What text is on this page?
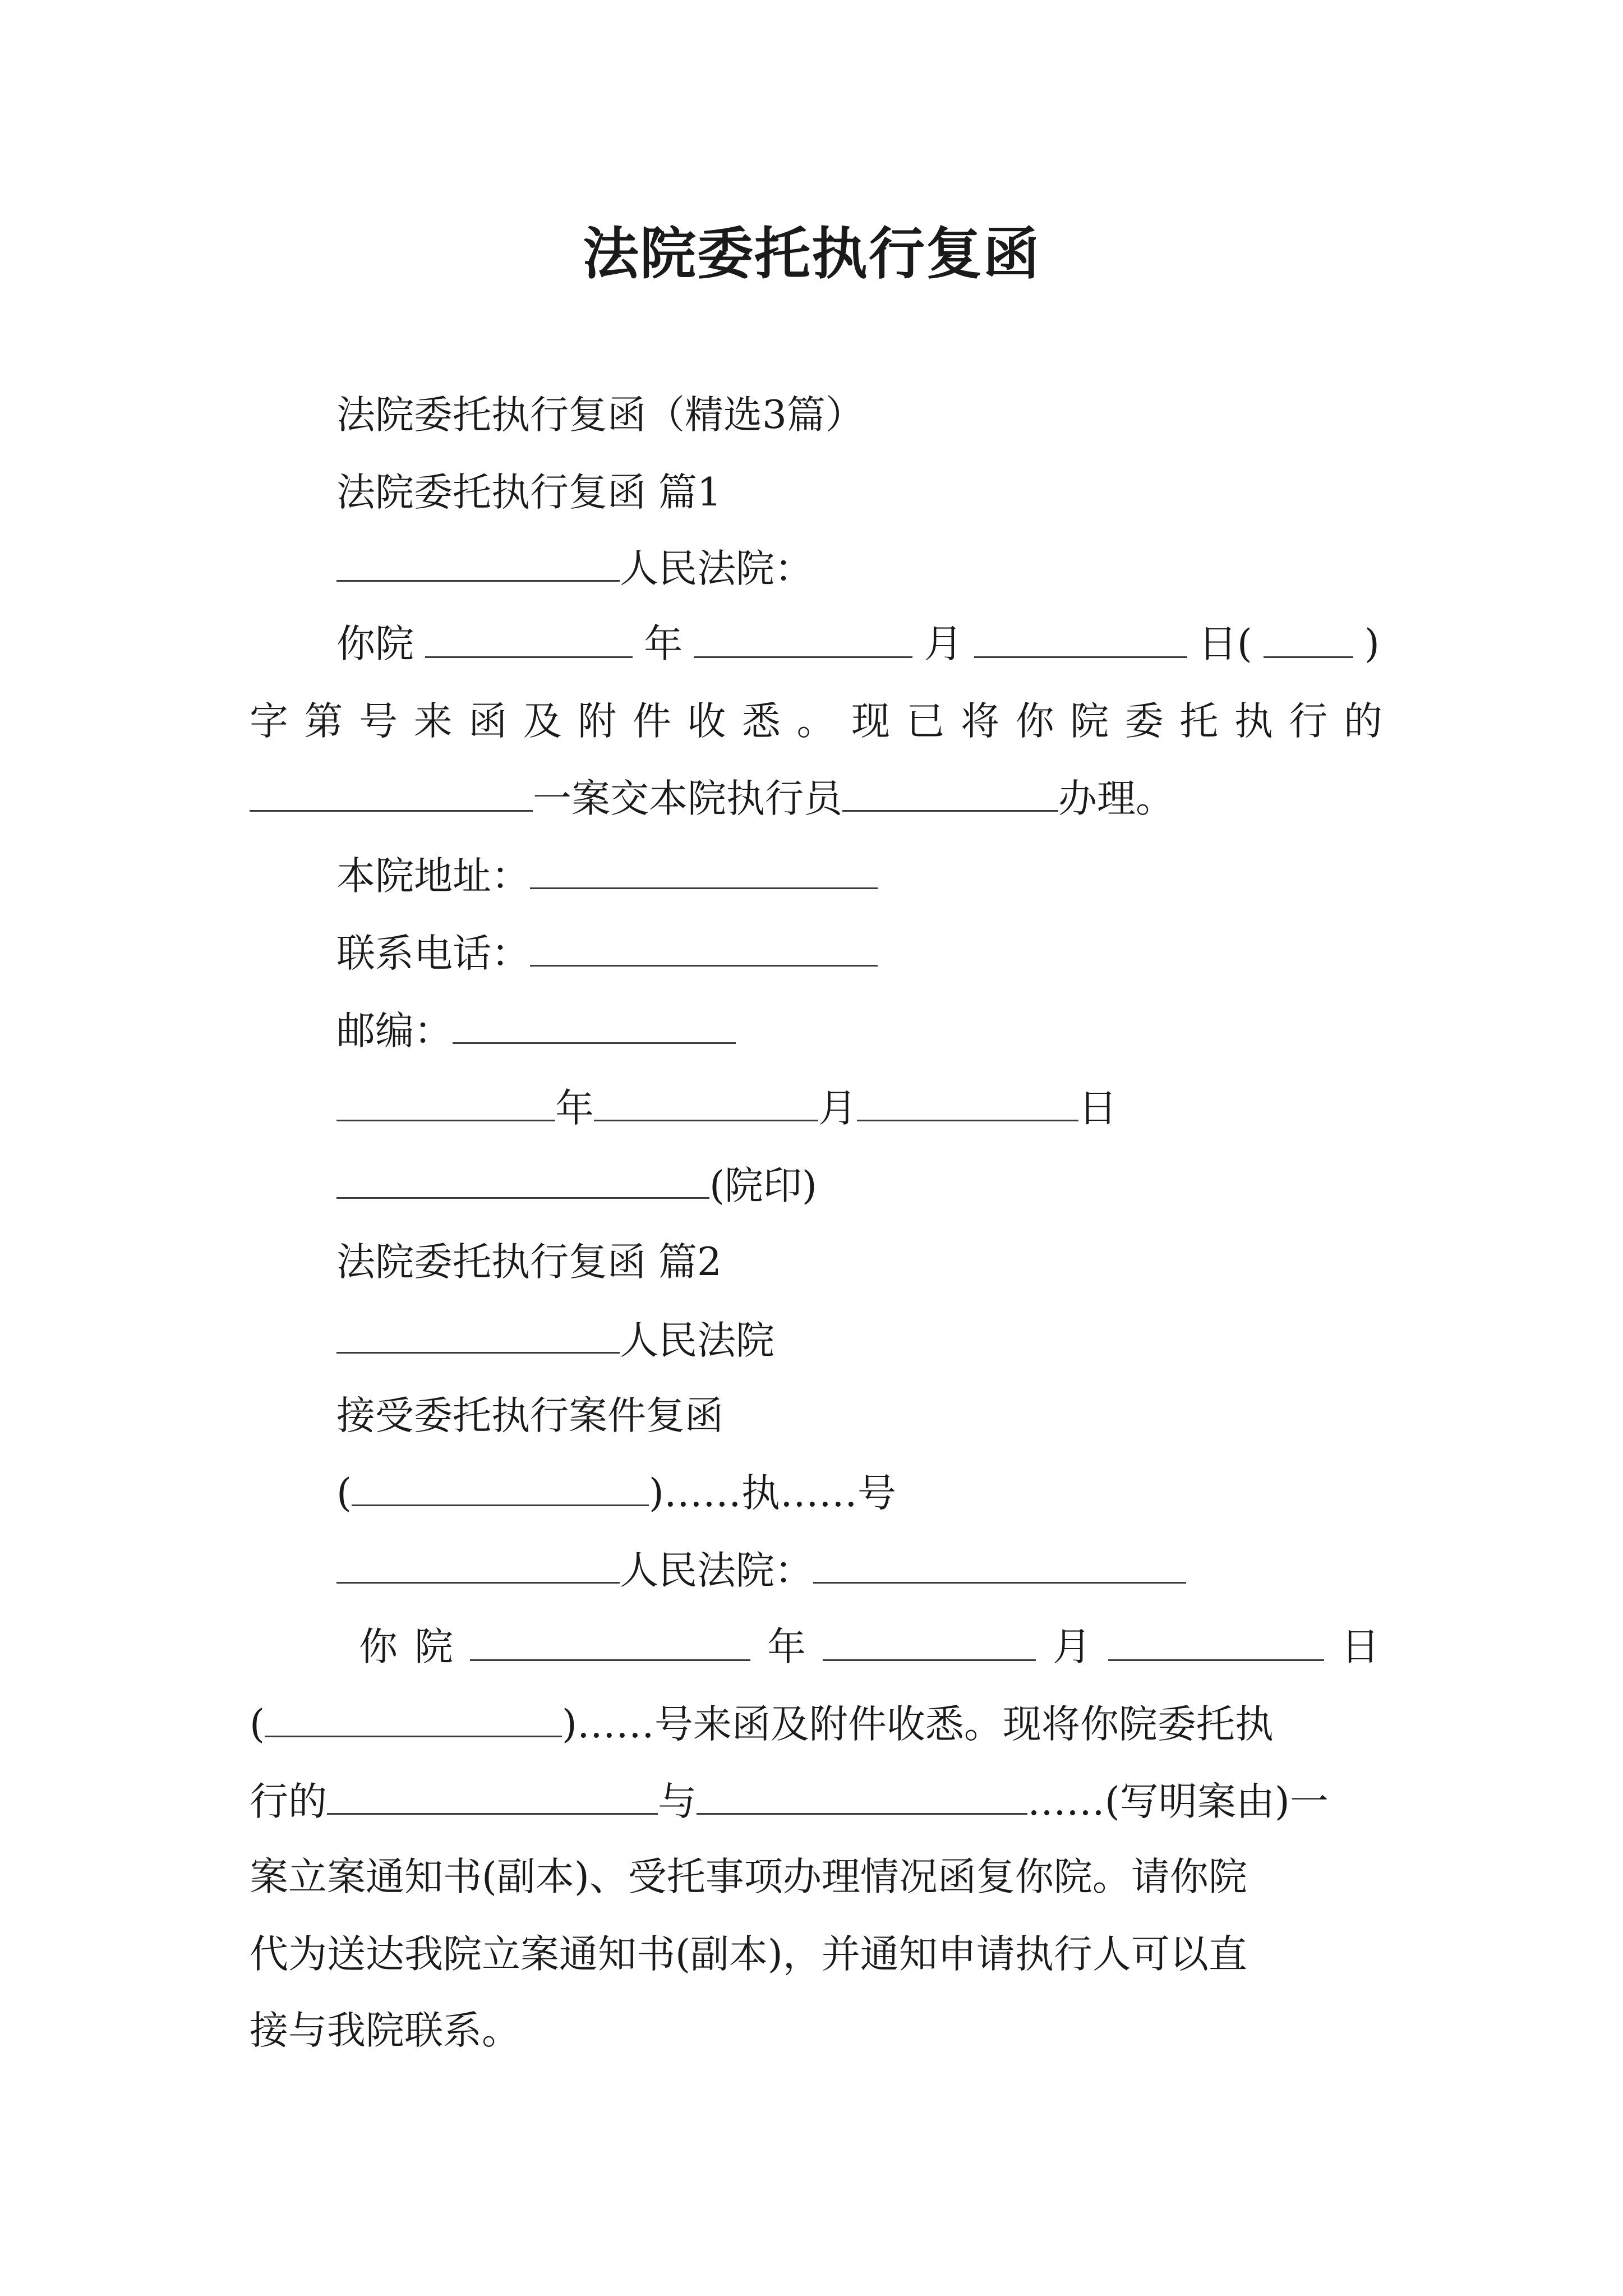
法院委托执行复函
法院委托执行复函（精选3篇）
法院委托执行复函 篇1
人民法院：
你院	年	月	日(	)
字 第 号 来 函 及 附 件 收 悉 。 现 已 将 你 院 委 托 执 行 的
一案交本院执行员	办理。
本院地址：
联系电话：
邮编：
年	月	日
(院印)
法院委托执行复函 篇2
人民法院
接受委托执行案件复函
(	)……执……号
人民法院：
你 院	年	月	日
(	)……号来函及附件收悉。现将你院委托执
行的	与	……(写明案由)一
案立案通知书(副本)、受托事项办理情况函复你院。请你院
代为送达我院立案通知书(副本)，并通知申请执行人可以直
接与我院联系。
